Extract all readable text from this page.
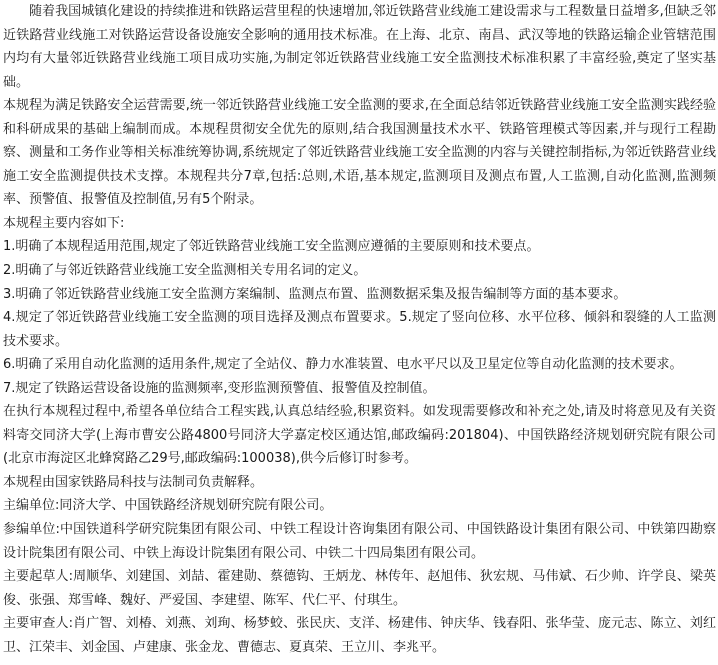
随着我国城镇化建设的持续推进和铁路运营里程的快速增加,邻近铁路营业线施工建设需求与工程数量日益增多,但缺乏邻近铁路营业线施工对铁路运营设备设施安全影响的通用技术标准。在上海、北京、南昌、武汉等地的铁路运输企业管辖范围内均有大量邻近铁路营业线施工项目成功实施,为制定邻近铁路营业线施工安全监测技术标准积累了丰富经验,奠定了坚实基础。

本规程为满足铁路安全运营需要,统一邻近铁路营业线施工安全监测的要求,在全面总结邻近铁路营业线施工安全监测实践经验和科研成果的基础上编制而成。本规程贯彻安全优先的原则,结合我国测量技术水平、铁路管理模式等因素,并与现行工程勘察、测量和工务作业等相关标准统筹协调,系统规定了邻近铁路营业线施工安全监测的内容与关键控制指标,为邻近铁路营业线施工安全监测提供技术支撑。本规程共分7章,包括:总则,术语,基本规定,监测项目及测点布置,人工监测,自动化监测,监测频率、预警值、报警值及控制值,另有5个附录。

本规程主要内容如下:

1.明确了本规程适用范围,规定了邻近铁路营业线施工安全监测应遵循的主要原则和技术要点。

2.明确了与邻近铁路营业线施工安全监测相关专用名词的定义。

3.明确了邻近铁路营业线施工安全监测方案编制、监测点布置、监测数据采集及报告编制等方面的基本要求。

4.规定了邻近铁路营业线施工安全监测的项目选择及测点布置要求。5.规定了竖向位移、水平位移、倾斜和裂缝的人工监测技术要求。

6.明确了采用自动化监测的适用条件,规定了全站仪、静力水准装置、电水平尺以及卫星定位等自动化监测的技术要求。

7.规定了铁路运营设备设施的监测频率,变形监测预警值、报警值及控制值。

在执行本规程过程中,希望各单位结合工程实践,认真总结经验,积累资料。如发现需要修改和补充之处,请及时将意见及有关资料寄交同济大学(上海市曹安公路4800号同济大学嘉定校区通达馆,邮政编码:201804)、中国铁路经济规划研究院有限公司(北京市海淀区北蜂窝路乙29号,邮政编码:100038),供今后修订时参考。

本规程由国家铁路局科技与法制司负责解释。

主编单位:同济大学、中国铁路经济规划研究院有限公司。

参编单位:中国铁道科学研究院集团有限公司、中铁工程设计咨询集团有限公司、中国铁路设计集团有限公司、中铁第四勘察设计院集团有限公司、中铁上海设计院集团有限公司、中铁二十四局集团有限公司。

主要起草人:周顺华、刘建国、刘喆、霍建勋、蔡德钩、王炳龙、林传年、赵旭伟、狄宏规、马伟斌、石少帅、许学良、梁英俊、张强、郑雪峰、魏好、严爱国、李建望、陈军、代仁平、付琪生。

主要审查人:肖广智、刘椿、刘燕、刘珣、杨梦蛟、张民庆、支洋、杨建伟、钟庆华、钱春阳、张华莹、庞元志、陈立、刘红卫、江荣丰、刘金国、卢建康、张金龙、曹德志、夏真荣、王立川、李兆平。
